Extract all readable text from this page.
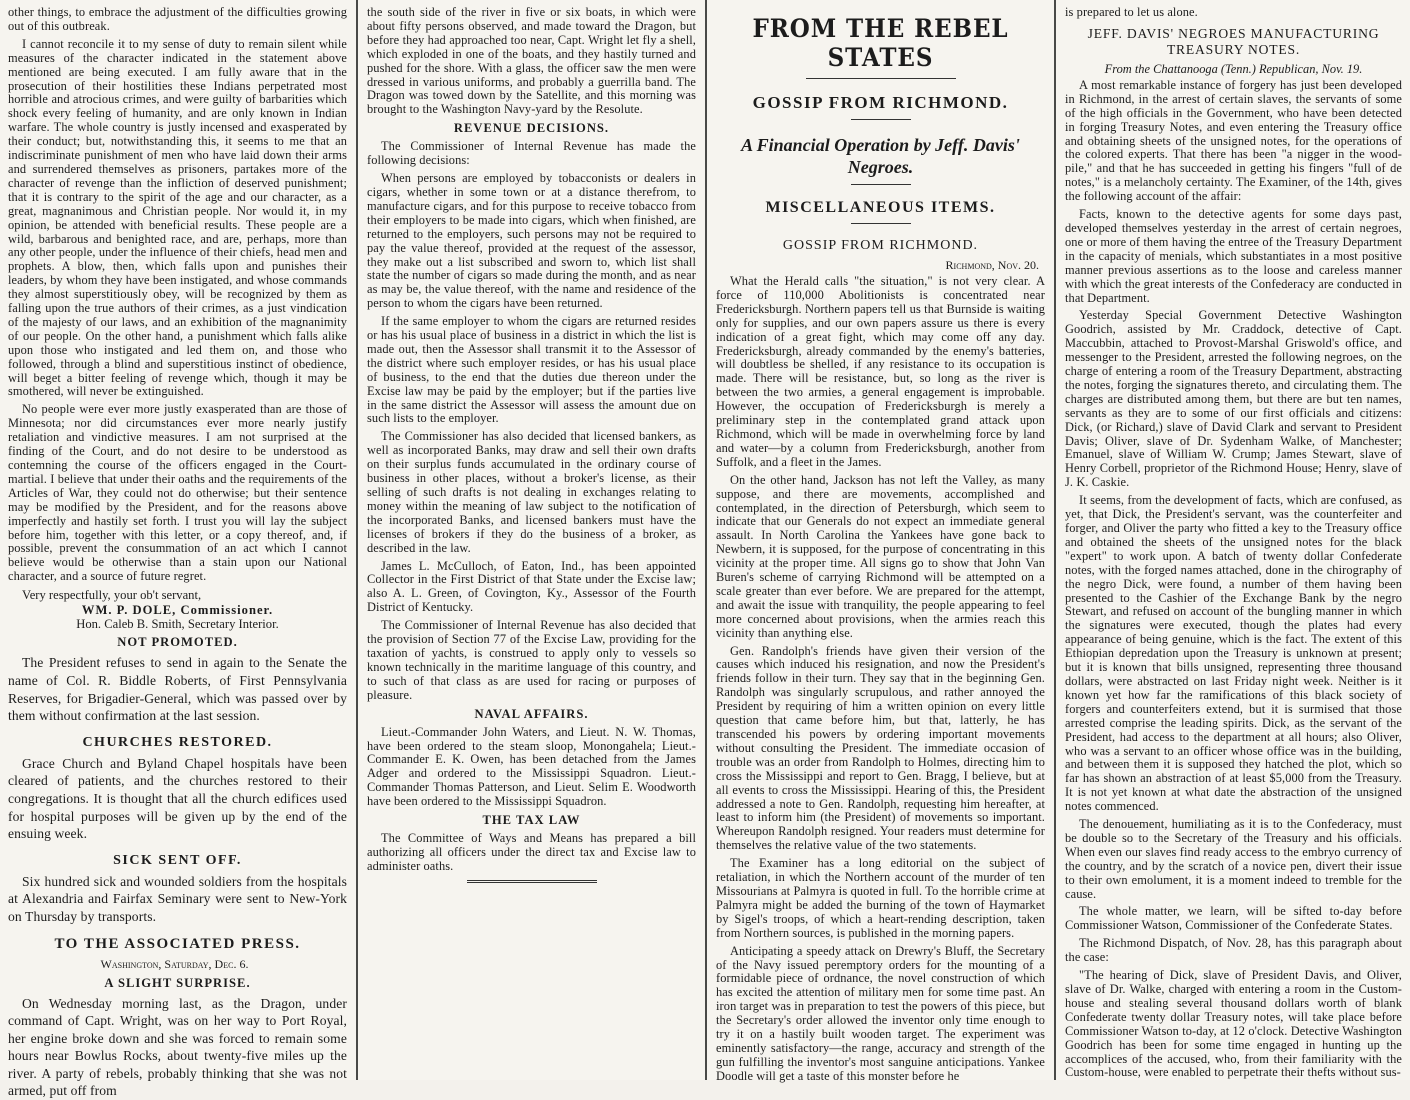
other things, to embrace the adjustment of the difficulties growing out of this outbreak.

I cannot reconcile it to my sense of duty to remain silent while measures of the character indicated in the statement above mentioned are being executed. I am fully aware that in the prosecution of their hostilities these Indians perpetrated most horrible and atrocious crimes, and were guilty of barbarities which shock every feeling of humanity, and are only known in Indian warfare. The whole country is justly incensed and exasperated by their conduct; but, notwithstanding this, it seems to me that an indiscriminate punishment of men who have laid down their arms and surrendered themselves as prisoners, partakes more of the character of revenge than the infliction of deserved punishment; that it is contrary to the spirit of the age and our character, as a great, magnanimous and Christian people. Nor would it, in my opinion, be attended with beneficial results. These people are a wild, barbarous and benighted race, and are, perhaps, more than any other people, under the influence of their chiefs, head men and prophets. A blow, then, which falls upon and punishes their leaders, by whom they have been instigated, and whose commands they almost superstitiously obey, will be recognized by them as falling upon the true authors of their crimes, as a just vindication of the majesty of our laws, and an exhibition of the magnanimity of our people. On the other hand, a punishment which falls alike upon those who instigated and led them on, and those who followed, through a blind and superstitious instinct of obedience, will beget a bitter feeling of revenge which, though it may be smothered, will never be extinguished.

No people were ever more justly exasperated than are those of Minnesota; nor did circumstances ever more nearly justify retaliation and vindictive measures. I am not surprised at the finding of the Court, and do not desire to be understood as contemning the course of the officers engaged in the Court-martial. I believe that under their oaths and the requirements of the Articles of War, they could not do otherwise; but their sentence may be modified by the President, and for the reasons above imperfectly and hastily set forth. I trust you will lay the subject before him, together with this letter, or a copy thereof, and, if possible, prevent the consummation of an act which I cannot believe would be otherwise than a stain upon our National character, and a source of future regret.

Very respectfully, your ob't servant,
WM. P. DOLE, Commissioner.
Hon. Caleb B. Smith, Secretary Interior.
NOT PROMOTED.

The President refuses to send in again to the Senate the name of Col. R. Biddle Roberts, of First Pennsylvania Reserves, for Brigadier-General, which was passed over by them without confirmation at the last session.

CHURCHES RESTORED.

Grace Church and Byland Chapel hospitals have been cleared of patients, and the churches restored to their congregations. It is thought that all the church edifices used for hospital purposes will be given up by the end of the ensuing week.

SICK SENT OFF.

Six hundred sick and wounded soldiers from the hospitals at Alexandria and Fairfax Seminary were sent to New-York on Thursday by transports.

TO THE ASSOCIATED PRESS.
Washington, Saturday, Dec. 6.
A SLIGHT SURPRISE.

On Wednesday morning last, as the Dragon, under command of Capt. Wright, was on her way to Port Royal, her engine broke down and she was forced to remain some hours near Bowlus Rocks, about twenty-five miles up the river. A party of rebels, probably thinking that she was not armed, put off from

the south side of the river in five or six boats, in which were about fifty persons observed, and made toward the Dragon, but before they had approached too near, Capt. Wright let fly a shell, which exploded in one of the boats, and they hastily turned and pushed for the shore. With a glass, the officer saw the men were dressed in various uniforms, and probably a guerrilla band. The Dragon was towed down by the Satellite, and this morning was brought to the Washington Navy-yard by the Resolute.

REVENUE DECISIONS.

The Commissioner of Internal Revenue has made the following decisions:

When persons are employed by tobacconists or dealers in cigars, whether in some town or at a distance therefrom, to manufacture cigars, and for this purpose to receive tobacco from their employers to be made into cigars, which when finished, are returned to the employers, such persons may not be required to pay the value thereof, provided at the request of the assessor, they make out a list subscribed and sworn to, which list shall state the number of cigars so made during the month, and as near as may be, the value thereof, with the name and residence of the person to whom the cigars have been returned.

If the same employer to whom the cigars are returned resides or has his usual place of business in a district in which the list is made out, then the Assessor shall transmit it to the Assessor of the district where such employer resides, or has his usual place of business, to the end that the duties due thereon under the Excise law may be paid by the employer; but if the parties live in the same district the Assessor will assess the amount due on such lists to the employer.

The Commissioner has also decided that licensed bankers, as well as incorporated Banks, may draw and sell their own drafts on their surplus funds accumulated in the ordinary course of business in other places, without a broker's license, as their selling of such drafts is not dealing in exchanges relating to money within the meaning of law subject to the notification of the incorporated Banks, and licensed bankers must have the licenses of brokers if they do the business of a broker, as described in the law.

James L. McCulloch, of Eaton, Ind., has been appointed Collector in the First District of that State under the Excise law; also A. L. Green, of Covington, Ky., Assessor of the Fourth District of Kentucky.

The Commissioner of Internal Revenue has also decided that the provision of Section 77 of the Excise Law, providing for the taxation of yachts, is construed to apply only to vessels so known technically in the maritime language of this country, and to such of that class as are used for racing or purposes of pleasure.

NAVAL AFFAIRS.

Lieut.-Commander John Waters, and Lieut. N. W. Thomas, have been ordered to the steam sloop, Monongahela; Lieut.-Commander E. K. Owen, has been detached from the James Adger and ordered to the Mississippi Squadron. Lieut.-Commander Thomas Patterson, and Lieut. Selim E. Woodworth have been ordered to the Mississippi Squadron.

THE TAX LAW

The Committee of Ways and Means has prepared a bill authorizing all officers under the direct tax and Excise law to administer oaths.

FROM THE REBEL STATES
GOSSIP FROM RICHMOND.
A Financial Operation by Jeff. Davis' Negroes.
MISCELLANEOUS ITEMS.
GOSSIP FROM RICHMOND.
Richmond, Nov. 20.

What the Herald calls "the situation," is not very clear. A force of 110,000 Abolitionists is concentrated near Fredericksburgh. Northern papers tell us that Burnside is waiting only for supplies, and our own papers assure us there is every indication of a great fight, which may come off any day. Fredericksburgh, already commanded by the enemy's batteries, will doubtless be shelled, if any resistance to its occupation is made. There will be resistance, but, so long as the river is between the two armies, a general engagement is improbable. However, the occupation of Fredericksburgh is merely a preliminary step in the contemplated grand attack upon Richmond, which will be made in overwhelming force by land and water—by a column from Fredericksburgh, another from Suffolk, and a fleet in the James.

On the other hand, Jackson has not left the Valley, as many suppose, and there are movements, accomplished and contemplated, in the direction of Petersburgh, which seem to indicate that our Generals do not expect an immediate general assault. In North Carolina the Yankees have gone back to Newbern, it is supposed, for the purpose of concentrating in this vicinity at the proper time. All signs go to show that John Van Buren's scheme of carrying Richmond will be attempted on a scale greater than ever before. We are prepared for the attempt, and await the issue with tranquility, the people appearing to feel more concerned about provisions, when the armies reach this vicinity than anything else.

Gen. Randolph's friends have given their version of the causes which induced his resignation, and now the President's friends follow in their turn. They say that in the beginning Gen. Randolph was singularly scrupulous, and rather annoyed the President by requiring of him a written opinion on every little question that came before him, but that, latterly, he has transcended his powers by ordering important movements without consulting the President. The immediate occasion of trouble was an order from Randolph to Holmes, directing him to cross the Mississippi and report to Gen. Bragg, I believe, but at all events to cross the Mississippi. Hearing of this, the President addressed a note to Gen. Randolph, requesting him hereafter, at least to inform him (the President) of movements so important. Whereupon Randolph resigned. Your readers must determine for themselves the relative value of the two statements.

The Examiner has a long editorial on the subject of retaliation, in which the Northern account of the murder of ten Missourians at Palmyra is quoted in full. To the horrible crime at Palmyra might be added the burning of the town of Haymarket by Sigel's troops, of which a heart-rending description, taken from Northern sources, is published in the morning papers.

Anticipating a speedy attack on Drewry's Bluff, the Secretary of the Navy issued peremptory orders for the mounting of a formidable piece of ordnance, the novel construction of which has excited the attention of military men for some time past. An iron target was in preparation to test the powers of this piece, but the Secretary's order allowed the inventor only time enough to try it on a hastily built wooden target. The experiment was eminently satisfactory—the range, accuracy and strength of the gun fulfilling the inventor's most sanguine anticipations. Yankee Doodle will get a taste of this monster before he

is prepared to let us alone.

JEFF. DAVIS' NEGROES MANUFACTURING TREASURY NOTES.
From the Chattanooga (Tenn.) Republican, Nov. 19.

A most remarkable instance of forgery has just been developed in Richmond, in the arrest of certain slaves, the servants of some of the high officials in the Government, who have been detected in forging Treasury Notes, and even entering the Treasury office and obtaining sheets of the unsigned notes, for the operations of the colored experts. That there has been "a nigger in the wood-pile," and that he has succeeded in getting his fingers "full of de notes," is a melancholy certainty. The Examiner, of the 14th, gives the following account of the affair:

Facts, known to the detective agents for some days past, developed themselves yesterday in the arrest of certain negroes, one or more of them having the entree of the Treasury Department in the capacity of menials, which substantiates in a most positive manner previous assertions as to the loose and careless manner with which the great interests of the Confederacy are conducted in that Department.

Yesterday Special Government Detective Washington Goodrich, assisted by Mr. Craddock, detective of Capt. Maccubbin, attached to Provost-Marshal Griswold's office, and messenger to the President, arrested the following negroes, on the charge of entering a room of the Treasury Department, abstracting the notes, forging the signatures thereto, and circulating them. The charges are distributed among them, but there are but ten names, servants as they are to some of our first officials and citizens: Dick, (or Richard,) slave of David Clark and servant to President Davis; Oliver, slave of Dr. Sydenham Walke, of Manchester; Emanuel, slave of William W. Crump; James Stewart, slave of Henry Corbell, proprietor of the Richmond House; Henry, slave of J. K. Caskie.

It seems, from the development of facts, which are confused, as yet, that Dick, the President's servant, was the counterfeiter and forger, and Oliver the party who fitted a key to the Treasury office and obtained the sheets of the unsigned notes for the black "expert" to work upon. A batch of twenty dollar Confederate notes, with the forged names attached, done in the chirography of the negro Dick, were found, a number of them having been presented to the Cashier of the Exchange Bank by the negro Stewart, and refused on account of the bungling manner in which the signatures were executed, though the plates had every appearance of being genuine, which is the fact. The extent of this Ethiopian depredation upon the Treasury is unknown at present; but it is known that bills unsigned, representing three thousand dollars, were abstracted on last Friday night week. Neither is it known yet how far the ramifications of this black society of forgers and counterfeiters extend, but it is surmised that those arrested comprise the leading spirits. Dick, as the servant of the President, had access to the department at all hours; also Oliver, who was a servant to an officer whose office was in the building, and between them it is supposed they hatched the plot, which so far has shown an abstraction of at least $5,000 from the Treasury. It is not yet known at what date the abstraction of the unsigned notes commenced.

The denouement, humiliating as it is to the Confederacy, must be double so to the Secretary of the Treasury and his officials. When even our slaves find ready access to the embryo currency of the country, and by the scratch of a novice pen, divert their issue to their own emolument, it is a moment indeed to tremble for the cause.

The whole matter, we learn, will be sifted to-day before Commissioner Watson, Commissioner of the Confederate States.

The Richmond Dispatch, of Nov. 28, has this paragraph about the case:

"The hearing of Dick, slave of President Davis, and Oliver, slave of Dr. Walke, charged with entering a room in the Custom-house and stealing several thousand dollars worth of blank Confederate twenty dollar Treasury notes, will take place before Commissioner Watson to-day, at 12 o'clock. Detective Washington Goodrich has been for some time engaged in hunting up the accomplices of the accused, who, from their familiarity with the Custom-house, were enabled to perpetrate their thefts without sus-
